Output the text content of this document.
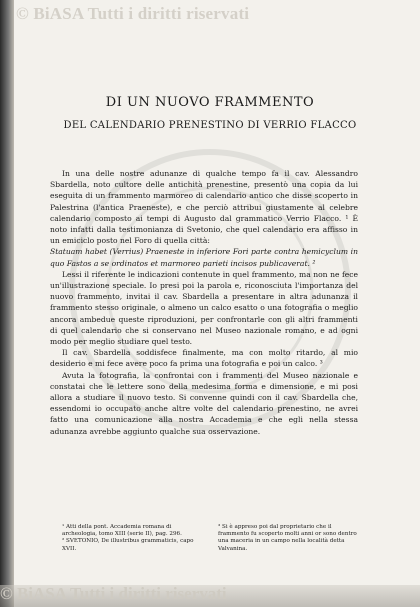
© BiASA Tutti i diritti riservati
DI UN NUOVO FRAMMENTO
DEL CALENDARIO PRENESTINO DI VERRIO FLACCO

In una delle nostre adunanze di qualche tempo fa il cav. Alessandro Sbardella, noto cultore delle antichità prenestine, presentò una copia da lui eseguita di un frammento marmoreo di calendario antico che disse scoperto in Palestrina (l'antica Praeneste), e che perciò attribui giustamente al celebre calendario composto ai tempi di Augusto dal grammatico Verrio Flacco. ¹ È noto infatti dalla testimonianza di Svetonio, che quel calendario era affisso in un emiciclo posto nel Foro di quella città:

Statuam habet (Verrius) Praeneste in inferiore Fori parte contra hemicyclum in quo Fastos a se ordinatos et marmoreo parieti incisos publicaverat. ²

Lessi il riferente le indicazioni contenute in quel frammento, ma non ne fece un'illustrazione speciale. Io presi poi la parola e, riconosciuta l'importanza del nuovo frammento, invitai il cav. Sbardella a presentare in altra adunanza il frammento stesso originale, o almeno un calco esatto o una fotografia o meglio ancora ambedue queste riproduzioni, per confrontarle con gli altri frammenti di quel calendario che si conservano nel Museo nazionale romano, e ad ogni modo per meglio studiare quel testo.

Il cav. Sbardella soddisfece finalmente, ma con molto ritardo, al mio desiderio e mi fece avere poco fa prima una fotografia e poi un calco. ³

Avuta la fotografia, la confrontai con i frammenti del Museo nazionale e constatai che le lettere sono della medesima forma e dimensione, e mi posi allora a studiare il nuovo testo. Si convenne quindi con il cav. Sbardella che, essendomi io occupato anche altre volte del calendario prenestino, ne avrei fatto una comunicazione alla nostra Accademia e che egli nella stessa adunanza avrebbe aggiunto qualche sua osservazione.

¹ Atti della pont. Accademia romana di archeologia, tomo XIII (serie II), pag. 296.

² SVETONIO, De illustribus grammaticis, capo XVII.

³ Si è appreso poi dal proprietario che il frammento fu scoperto molti anni or sono dentro una maceria in un campo nella località detta Valvanina.

© BiASA Tutti i diritti riservati
